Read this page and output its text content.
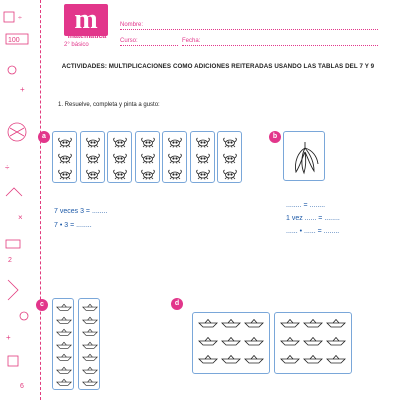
÷
100
+
÷
×
2
+
6
m
matemática
2° básico
Nombre:
Curso:	Fecha:
ACTIVIDADES: MULTIPLICACIONES COMO ADICIONES REITERADAS USANDO LAS TABLAS DEL 7 Y 9
1. Resuelve, completa y pinta a gusto:
a
7 veces 3 = ........
7 • 3 = ........
b
........ = ........
1 vez ...... = ........
...... • ...... = ........
c	d
